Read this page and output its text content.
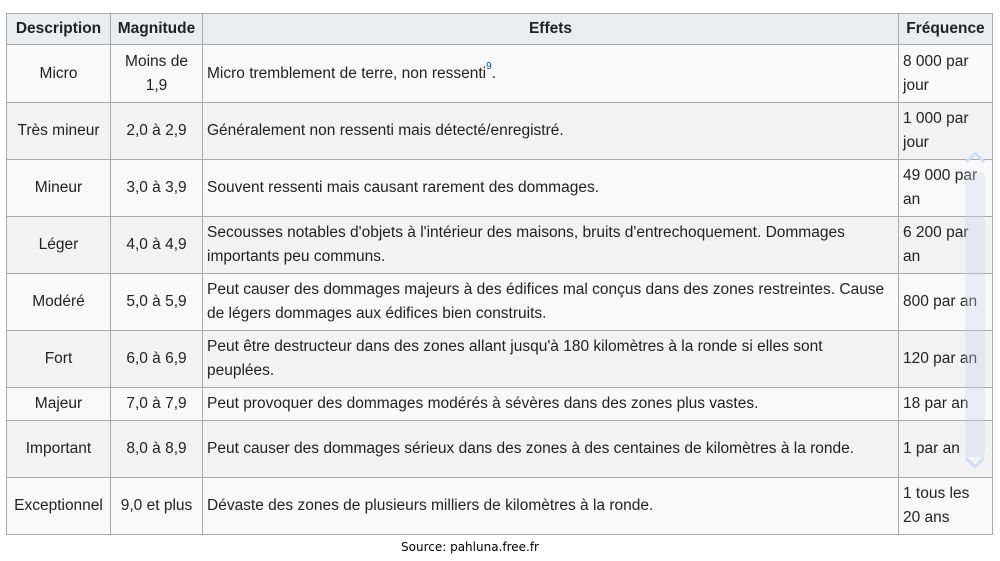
Description	Magnitude	Effets	Fréquence
Micro	Moins de 1,9	Micro tremblement de terre, non ressenti$^9$.	8 000 par jour
Très mineur	2,0 à 2,9	Généralement non ressenti mais détecté/enregistré.	1 000 par jour
Mineur	3,0 à 3,9	Souvent ressenti mais causant rarement des dommages.	49 000 par an
Léger	4,0 à 4,9	Secousses notables d'objets à l'intérieur des maisons, bruits d'entrechoquement. Dommages importants peu communs.	6 200 par an
Modéré	5,0 à 5,9	Peut causer des dommages majeurs à des édifices mal conçus dans des zones restreintes. Cause de légers dommages aux édifices bien construits.	800 par an
Fort	6,0 à 6,9	Peut être destructeur dans des zones allant jusqu'à 180 kilomètres à la ronde si elles sont peuplées.	120 par an
Majeur	7,0 à 7,9	Peut provoquer des dommages modérés à sévères dans des zones plus vastes.	18 par an
Important	8,0 à 8,9	Peut causer des dommages sérieux dans des zones à des centaines de kilomètres à la ronde.	1 par an
Exceptionnel	9,0 et plus	Dévaste des zones de plusieurs milliers de kilomètres à la ronde.	1 tous les 20 ans
Source: pahluna.free.fr
